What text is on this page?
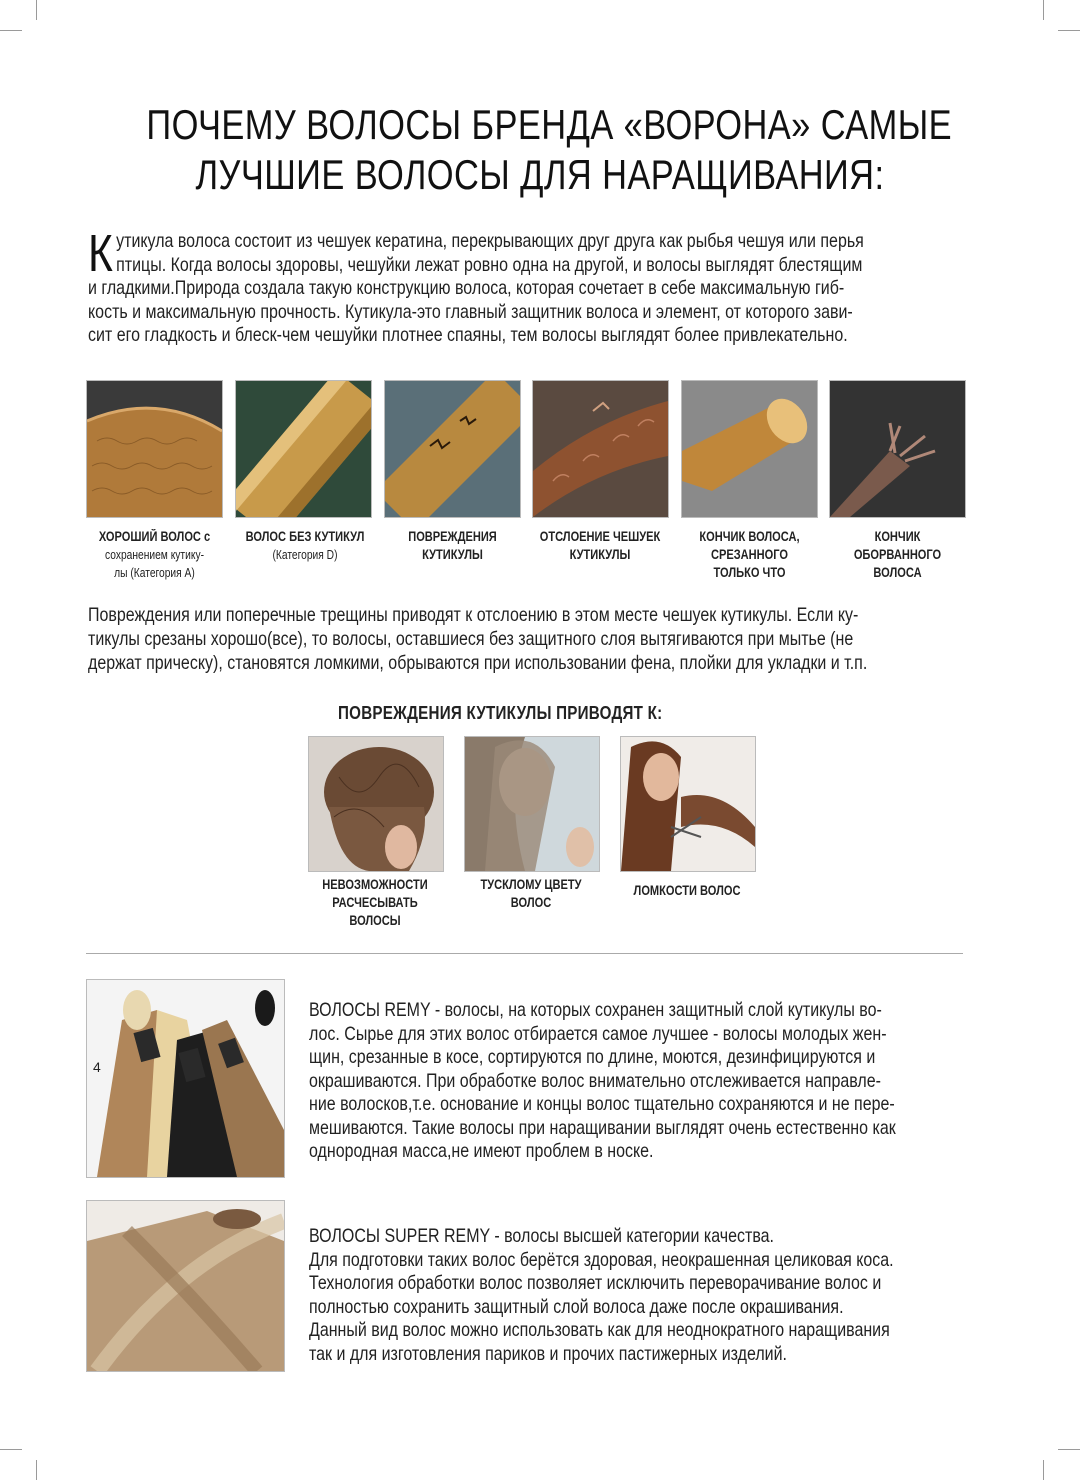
ПОЧЕМУ ВОЛОСЫ БРЕНДА «ВОРОНА» САМЫЕ
ЛУЧШИЕ ВОЛОСЫ ДЛЯ НАРАЩИВАНИЯ:
К утикула волоса состоит из чешуек кератина, перекрывающих друг друга как рыбья чешуя или перья

птицы. Когда волосы здоровы, чешуйки лежат ровно одна на другой, и волосы выглядят блестящим

и гладкими.Природа создала такую конструкцию волоса, которая сочетает в себе максимальную гиб-

кость и максимальную прочность. Кутикула-это главный защитник волоса и элемент, от которого зави-

сит его гладкость и блеск-чем чешуйки плотнее спаяны, тем волосы выглядят более привлекательно.

ХОРОШИЙ ВОЛОС с
сохранением кутику-
лы (Категория А)
ВОЛОС БЕЗ КУТИКУЛ
(Категория D)
ПОВРЕЖДЕНИЯ
КУТИКУЛЫ
ОТСЛОЕНИЕ ЧЕШУЕК
КУТИКУЛЫ
КОНЧИК ВОЛОСА,
СРЕЗАННОГО
ТОЛЬКО ЧТО
КОНЧИК
ОБОРВАННОГО
ВОЛОСА
Повреждения или поперечные трещины приводят к отслоению в этом месте чешуек кутикулы. Если ку-
тикулы срезаны хорошо(все), то волосы, оставшиеся без защитного слоя вытягиваются при мытье (не
держат прическу), становятся ломкими, обрываются при использовании фена, плойки для укладки и т.п.
ПОВРЕЖДЕНИЯ КУТИКУЛЫ ПРИВОДЯТ К:
НЕВОЗМОЖНОСТИ
РАСЧЕСЫВАТЬ
ВОЛОСЫ
ТУСКЛОМУ ЦВЕТУ
ВОЛОС
ЛОМКОСТИ ВОЛОС

ВОЛОСЫ REMY - волосы, на которых сохранен защитный слой кутикулы во-

лос. Сырье для этих волос отбирается самое лучшее - волосы молодых жен-

щин, срезанные в косе, сортируются по длине, моются, дезинфицируются и

окрашиваются. При обработке волос внимательно отслеживается направле-

ние волосков,т.е. основание и концы волос тщательно сохраняются и не пере-

мешиваются. Такие волосы при наращивании выглядят очень естественно как

однородная масса,не имеют проблем в носке.

ВОЛОСЫ SUPER REMY - волосы высшей категории качества.

Для подготовки таких волос берётся здоровая, неокрашенная целиковая коса.

Технология обработки волос позволяет исключить переворачивание волос и

полностью сохранить защитный слой волоса даже после окрашивания.

Данный вид волос можно использовать как для неоднократного наращивания

так и для изготовления париков и прочих пастижерных изделий.

4
